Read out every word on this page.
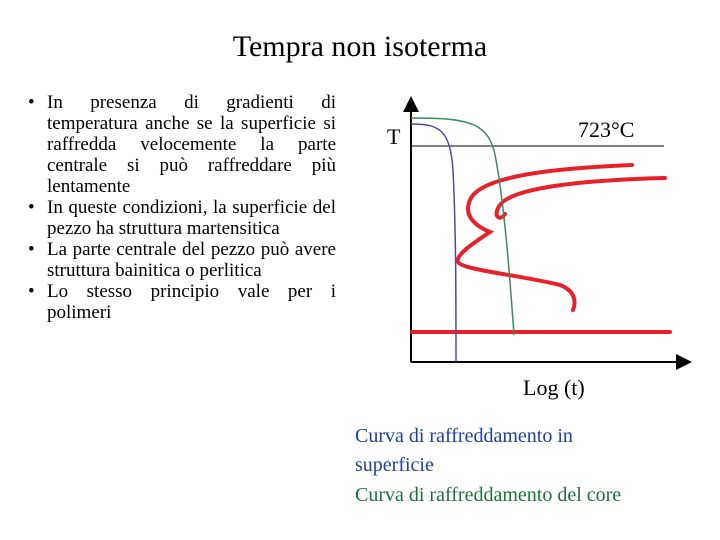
Tempra non isoterma
• In presenza di gradienti di temperatura anche se la superficie si raffredda velocemente la parte centrale si può raffreddare più lentamente
• In queste condizioni, la superficie del pezzo ha struttura martensitica
• La parte centrale del pezzo può avere struttura bainitica o perlitica
• Lo stesso principio vale per i polimeri
T	723°C
Log (t)
Curva di raffreddamento in
superficie
Curva di raffreddamento del core
